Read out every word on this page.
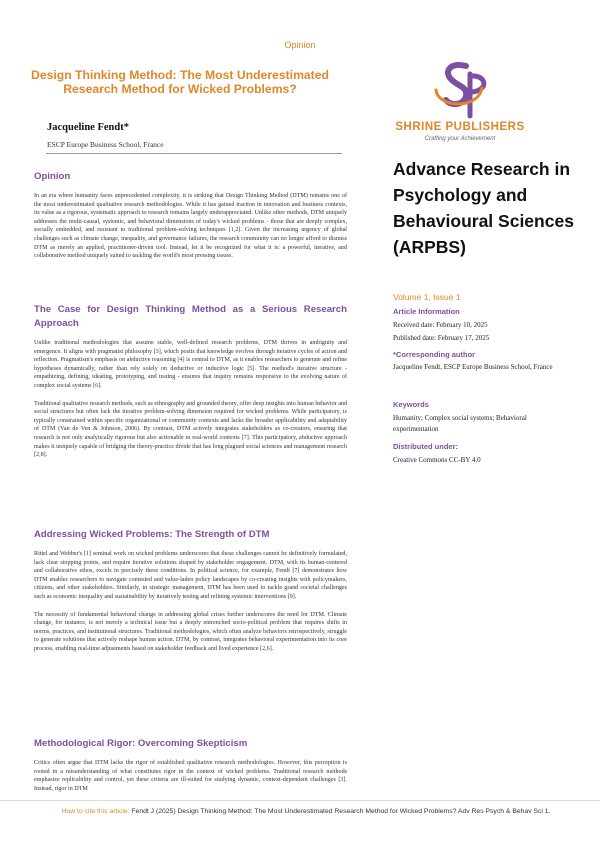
Opinion
Design Thinking Method: The Most Underestimated Research Method for Wicked Problems?
Jacqueline Fendt*
ESCP Europe Business School, France
Opinion

In an era where humanity faces unprecedented complexity, it is striking that Design Thinking Method (DTM) remains one of the most underestimated qualitative research methodologies. While it has gained traction in innovation and business contexts, its value as a rigorous, systematic approach to research remains largely underappreciated. Unlike other methods, DTM uniquely addresses the multi-causal, systemic, and behavioral dimensions of today's wicked problems - those that are deeply complex, socially embedded, and resistant to traditional problem-solving techniques [1,2]. Given the increasing urgency of global challenges such as climate change, inequality, and governance failures, the research community can no longer afford to dismiss DTM as merely an applied, practitioner-driven tool. Instead, let it be recognized for what it is: a powerful, iterative, and collaborative method uniquely suited to tackling the world's most pressing issues.

The Case for Design Thinking Method as a Serious Research Approach

Unlike traditional methodologies that assume stable, well-defined research problems, DTM thrives in ambiguity and emergence. It aligns with pragmatist philosophy [3], which posits that knowledge evolves through iterative cycles of action and reflection. Pragmatism's emphasis on abductive reasoning [4] is central to DTM, as it enables researchers to generate and refine hypotheses dynamically, rather than rely solely on deductive or inductive logic [5]. The method's iterative structure - empathizing, defining, ideating, prototyping, and testing - ensures that inquiry remains responsive to the evolving nature of complex social systems [6].

Traditional qualitative research methods, such as ethnography and grounded theory, offer deep insights into human behavior and social structures but often lack the iterative problem-solving dimension required for wicked problems. While participatory, is typically constrained within specific organizational or community contexts and lacks the broader applicability and adaptability of DTM (Van de Ven & Johnson, 2006). By contrast, DTM actively integrates stakeholders as co-creators, ensuring that research is not only analytically rigorous but also actionable in real-world contexts [7]. This participatory, abductive approach makes it uniquely capable of bridging the theory-practice divide that has long plagued social sciences and management research [2,8].

Addressing Wicked Problems: The Strength of DTM

Rittel and Webber's [1] seminal work on wicked problems underscores that these challenges cannot be definitively formulated, lack clear stopping points, and require iterative solutions shaped by stakeholder engagement. DTM, with its human-centered and collaborative ethos, excels in precisely these conditions. In political science, for example, Fendt [7] demonstrates how DTM enables researchers to navigate contested and value-laden policy landscapes by co-creating insights with policymakers, citizens, and other stakeholders. Similarly, in strategic management, DTM has been used to tackle grand societal challenges such as economic inequality and sustainability by iteratively testing and refining systemic interventions [9].

The necessity of fundamental behavioral change in addressing global crises further underscores the need for DTM. Climate change, for instance, is not merely a technical issue but a deeply entrenched socio-political problem that requires shifts in norms, practices, and institutional structures. Traditional methodologies, which often analyze behaviors retrospectively, struggle to generate solutions that actively reshape human action. DTM, by contrast, integrates behavioral experimentation into its core process, enabling real-time adjustments based on stakeholder feedback and lived experience [2,6].

Methodological Rigor: Overcoming Skepticism

Critics often argue that DTM lacks the rigor of established qualitative research methodologies. However, this perception is rooted in a misunderstanding of what constitutes rigor in the context of wicked problems. Traditional research methods emphasize replicability and control, yet these criteria are ill-suited for studying dynamic, context-dependent challenges [3]. Instead, rigor in DTM

SHRINE PUBLISHERS
Crafting your Achievement
Advance Research in Psychology and Behavioural Sciences (ARPBS)
Volume 1, Issue 1
Article Information
Received date: February 10, 2025
Published date: February 17, 2025
*Corresponding author
Jacqueline Fendt, ESCP Europe Business School, France
Keywords
Humanity; Complex social systems; Behavioral experimentation
Distributed under:
Creative Commons CC-BY 4.0
How to cite this article: Fendt J (2025) Design Thinking Method: The Most Underestimated Research Method for Wicked Problems? Adv Res Psych & Behav Sci 1.
